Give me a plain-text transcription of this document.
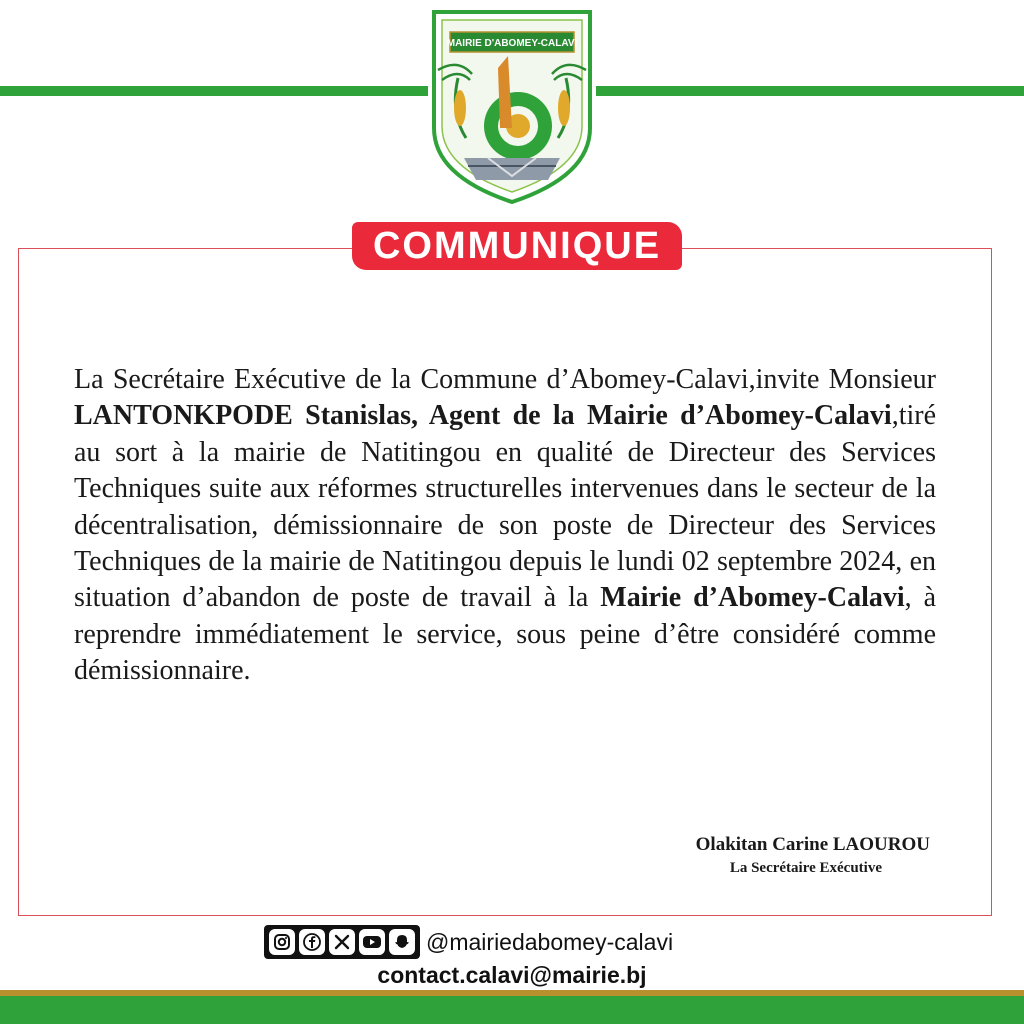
MAIRIE D'ABOMEY-CALAVI
COMMUNIQUE
La Secrétaire Exécutive de la Commune d’Abomey-Calavi,invite Monsieur LANTONKPODE Stanislas, Agent de la Mairie d’Abomey-Calavi,tiré au sort à la mairie de Natitingou en qualité de Directeur des Services Techniques suite aux réformes structurelles intervenues dans le secteur de la décentralisation, démissionnaire de son poste de Directeur des Services Techniques de la mairie de Natitingou depuis le lundi 02 septembre 2024, en situation d’abandon de poste de travail à la Mairie d’Abomey-Calavi, à reprendre immédiatement le service, sous peine d’être considéré comme démissionnaire.
Olakitan Carine LAOUROU
La Secrétaire Exécutive
@mairiedabomey-calavi
contact.calavi@mairie.bj
